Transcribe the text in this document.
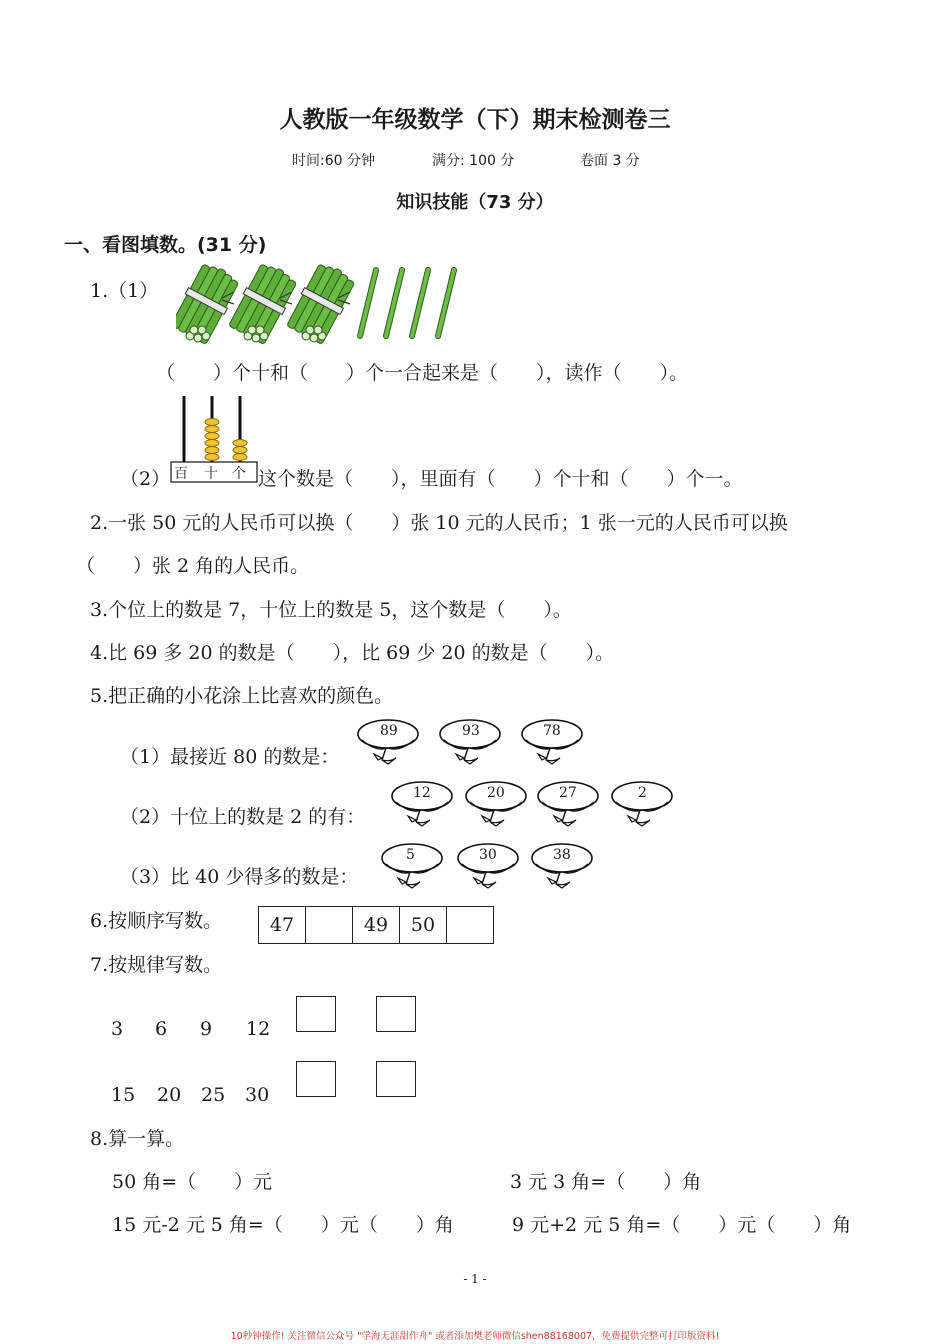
人教版一年级数学（下）期末检测卷三
时间:60 分钟	满分: 100 分	卷面 3 分
知识技能（73 分）
一、看图填数。(31 分)
1.（1）
（　　）个十和（　　）个一合起来是（　　），读作（　　）。
百 十 个
（2）	这个数是（　　），里面有（　　）个十和（　　）个一。
2.一张 50 元的人民币可以换（　　）张 10 元的人民币；1 张一元的人民币可以换
（　　）张 2 角的人民币。
3.个位上的数是 7，十位上的数是 5，这个数是（　　）。
4.比 69 多 20 的数是（　　），比 69 少 20 的数是（　　）。
5.把正确的小花涂上比喜欢的颜色。
（1）最接近 80 的数是：
89	93	78
（2）十位上的数是 2 的有：
12	20	27	2
（3）比 40 少得多的数是：
5	30	38
6.按顺序写数。	47		49	50	
7.按规律写数。
3 6 9 12
15 20 25 30
8.算一算。
50 角=（　　）元	3 元 3 角=（　　）角
15 元-2 元 5 角=（　　）元（　　）角	9 元+2 元 5 角=（　　）元（　　）角
- 1 -
10秒钟操作! 关注微信公众号 "学海无涯甜作舟" 或者添加樊老师微信shen88168007，免费提供完整可打印版资料!
